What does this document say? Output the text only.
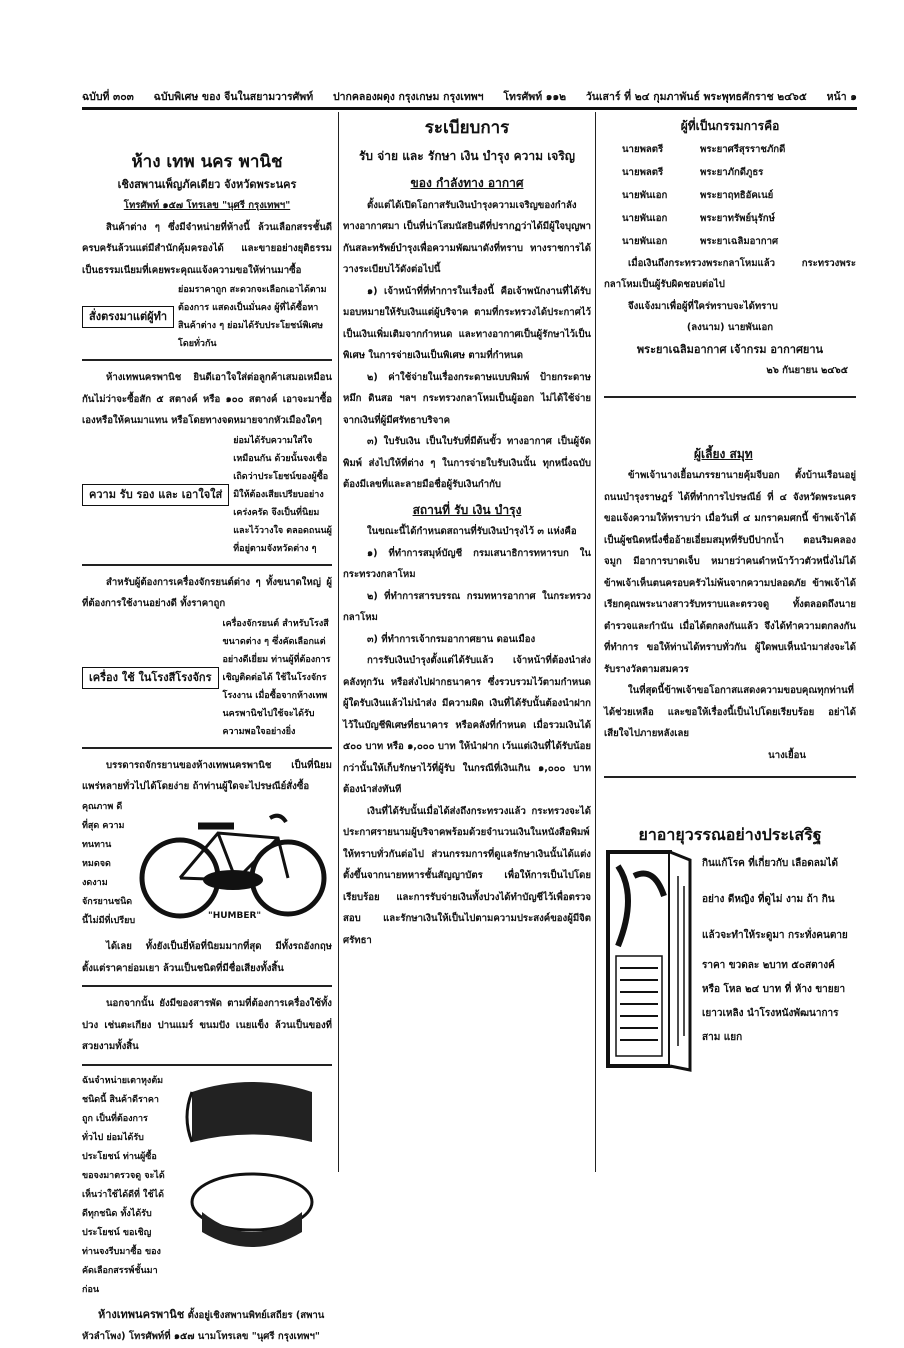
ฉบับที่ ๓๐๓ ฉบับพิเศษ ของ จีนในสยามวารศัพท์ ปากคลองผดุง กรุงเกษม กรุงเทพฯ โทรศัพท์ ๑๑๒ วันเสาร์ ที่ ๒๔ กุมภาพันธ์ พระพุทธศักราช ๒๔๖๕ หน้า ๑
ห้าง เทพ นคร พานิช
เชิงสพานเพ็ญภัคเดียว จังหวัดพระนคร
โทรศัพท์ ๑๕๗ โทรเลข "นุศรี กรุงเทพฯ"

สินค้าต่าง ๆ ซึ่งมีจำหน่ายที่ห้างนี้ ล้วนเลือกสรรชั้นดีครบครันล้วนแต่มีสำนักคุ้มครองได้ และขายอย่างยุติธรรมเป็นธรรมเนียมที่เคยพระคุณแจ้งความขอให้ท่านมาซื้อ

สั่งตรงมาแต่ผู้ทำ
ย่อมราคาถูก สะดวกจะเลือกเอาได้ตามต้องการ แสดงเป็นมั่นคง ผู้ที่ได้ซื้อหาสินค้าต่าง ๆ ย่อมได้รับประโยชน์พิเศษโดยทั่วกัน

ห้างเทพนครพานิช ยินดีเอาใจใส่ต่อลูกค้าเสมอเหมือนกันไม่ว่าจะซื้อสัก ๕ สตางค์ หรือ ๑๐๐ สตางค์ เอาจะมาซื้อเองหรือให้คนมาแทน หรือโดยทางจดหมายจากหัวเมืองใดๆ

ความ รับ รอง และ เอาใจใส่
ย่อมได้รับความใส่ใจ เหมือนกัน ด้วยนั้นจงเชื่อเถิดว่าประโยชน์ของผู้ซื้อมิให้ต้องเสียเปรียบอย่างเคร่งครัด จึงเป็นที่นิยมและไว้วางใจ ตลอดถนนผู้ที่อยู่ตามจังหวัดต่าง ๆ

สำหรับผู้ต้องการเครื่องจักรยนต์ต่าง ๆ ทั้งขนาดใหญ่ ผู้ที่ต้องการใช้งานอย่างดี ทั้งราคาถูก

เครื่อง ใช้ ในโรงสีโรงจักร
เครื่องจักรยนต์ สำหรับโรงสี ขนาดต่าง ๆ ซึ่งคัดเลือกแต่อย่างดีเยี่ยม ท่านผู้ที่ต้องการเชิญติดต่อได้ ใช้ในโรงจักร โรงงาน เมื่อซื้อจากห้างเทพนครพานิชไปใช้จะได้รับความพอใจอย่างยิ่ง

บรรดารถจักรยานของห้างเทพนครพานิช เป็นที่นิยมแพร่หลายทั่วไปได้โดยง่าย ถ้าท่านผู้ใดจะไปรษณีย์สั่งซื้อ

คุณภาพ ดีที่สุด ความทนทาน หมดจด งดงาม จักรยานชนิดนี้ไม่มีที่เปรียบ	"HUMBER"

ได้เลย ทั้งยังเป็นยี่ห้อที่นิยมมากที่สุด มีทั้งรถอังกฤษ ตั้งแต่ราคาย่อมเยา ล้วนเป็นชนิดที่มีชื่อเสียงทั้งสิ้น

นอกจากนั้น ยังมีของสารพัด ตามที่ต้องการเครื่องใช้ทั้งปวง เช่นตะเกียง ปานแมร์ ขนมปัง เนยแข็ง ล้วนเป็นของที่สวยงามทั้งสิ้น

ฉันจำหน่ายเตาหุงต้มชนิดนี้ สินค้าดีราคาถูก เป็นที่ต้องการทั่วไป ย่อมได้รับประโยชน์ ท่านผู้ซื้อ ขอจงมาตรวจดู จะได้เห็นว่าใช้ได้ดีที่ ใช้ได้ดีทุกชนิด ทั้งได้รับประโยชน์ ขอเชิญท่านจงรีบมาซื้อ ของคัดเลือกสรรพ์ชั้นมาก่อน
ห้างเทพนครพานิช ตั้งอยู่เชิงสพานพิทย์เสถียร (สพานหัวลำโพง) โทรศัพท์ที่ ๑๕๗ นามโทรเลข "นุศรี กรุงเทพฯ"
ระเบียบการ
รับ จ่าย และ รักษา เงิน บำรุง ความ เจริญ
ของ กำลังทาง อากาศ

ตั้งแต่ได้เปิดโอกาสรับเงินบำรุงความเจริญของกำลังทางอากาศมา เป็นที่น่าโสมนัสยินดีที่ปรากฏว่าได้มีผู้ใจบุญพากันสละทรัพย์บำรุงเพื่อความพัฒนาดังที่ทราบ ทางราชการได้วางระเบียบไว้ดังต่อไปนี้

๑) เจ้าหน้าที่ที่ทำการในเรื่องนี้ คือเจ้าพนักงานที่ได้รับมอบหมายให้รับเงินแต่ผู้บริจาค ตามที่กระทรวงได้ประกาศไว้ เป็นเงินเพิ่มเติมจากกำหนด และทางอากาศเป็นผู้รักษาไว้เป็นพิเศษ ในการจ่ายเงินเป็นพิเศษ ตามที่กำหนด

๒) ค่าใช้จ่ายในเรื่องกระดาษแบบพิมพ์ ป้ายกระดาษ หมึก ดินสอ ฯลฯ กระทรวงกลาโหมเป็นผู้ออก ไม่ได้ใช้จ่ายจากเงินที่ผู้มีศรัทธาบริจาค

๓) ใบรับเงิน เป็นใบรับที่มีต้นขั้ว ทางอากาศ เป็นผู้จัดพิมพ์ ส่งไปให้ที่ต่าง ๆ ในการจ่ายใบรับเงินนั้น ทุกหนึ่งฉบับต้องมีเลขที่และลายมือชื่อผู้รับเงินกำกับ

สถานที่ รับ เงิน บำรุง

ในขณะนี้ได้กำหนดสถานที่รับเงินบำรุงไว้ ๓ แห่งคือ

๑) ที่ทำการสมุห์บัญชี กรมเสนาธิการทหารบก ใน กระทรวงกลาโหม

๒) ที่ทำการสารบรรณ กรมทหารอากาศ ในกระทรวงกลาโหม

๓) ที่ทำการเจ้ากรมอากาศยาน ดอนเมือง

การรับเงินบำรุงตั้งแต่ได้รับแล้ว เจ้าหน้าที่ต้องนำส่งคลังทุกวัน หรือส่งไปฝากธนาคาร ซึ่งรวบรวมไว้ตามกำหนด ผู้ใดรับเงินแล้วไม่นำส่ง มีความผิด เงินที่ได้รับนั้นต้องนำฝากไว้ในบัญชีพิเศษที่ธนาคาร หรือคลังที่กำหนด เมื่อรวมเงินได้ ๕๐๐ บาท หรือ ๑,๐๐๐ บาท ให้นำฝาก เว้นแต่เงินที่ได้รับน้อยกว่านั้นให้เก็บรักษาไว้ที่ผู้รับ ในกรณีที่เงินเกิน ๑,๐๐๐ บาท ต้องนำส่งทันที

เงินที่ได้รับนั้นเมื่อได้ส่งถึงกระทรวงแล้ว กระทรวงจะได้ประกาศรายนามผู้บริจาคพร้อมด้วยจำนวนเงินในหนังสือพิมพ์ ให้ทราบทั่วกันต่อไป ส่วนกรรมการที่ดูแลรักษาเงินนั้นได้แต่งตั้งขึ้นจากนายทหารชั้นสัญญาบัตร เพื่อให้การเป็นไปโดยเรียบร้อย และการรับจ่ายเงินทั้งปวงได้ทำบัญชีไว้เพื่อตรวจสอบ และรักษาเงินให้เป็นไปตามความประสงค์ของผู้มีจิตศรัทธา

ผู้ที่เป็นกรรมการคือ
นายพลตรี	พระยาศรีสุรราชภักดี
นายพลตรี	พระยาภักดีภูธร
นายพันเอก	พระยาฤทธิอัคเนย์
นายพันเอก	พระยาทรัพย์นุรักษ์
นายพันเอก	พระยาเฉลิมอากาศ

เมื่อเงินถึงกระทรวงพระกลาโหมแล้ว กระทรวงพระกลาโหมเป็นผู้รับผิดชอบต่อไป

จึงแจ้งมาเพื่อผู้ที่ใคร่ทราบจะได้ทราบ

(ลงนาม) นายพันเอก
พระยาเฉลิมอากาศ เจ้ากรม อากาศยาน
๒๖ กันยายน ๒๔๖๕
ผู้เลี้ยง สมุท

ข้าพเจ้านางเยื้อนภรรยานายคุ้มจีบอก ตั้งบ้านเรือนอยู่ถนนบำรุงราษฎร์ ได้ที่ทำการไปรษณีย์ ที่ ๔ จังหวัดพระนคร ขอแจ้งความให้ทราบว่า เมื่อวันที่ ๔ มกราคมศกนี้ ข้าพเจ้าได้เป็นผู้ชนิดหนึ่งชื่ออ้ายเอี่ยมสมุทที่รับบีปากน้ำ ตอนริมคลองจมูก มีอาการบาดเจ็บ หมายว่าคนดำหน้าว้าวตัวหนึ่งไม่ได้ ข้าพเจ้าเห็นตนครอบครัวไม่พ้นจากความปลอดภัย ข้าพเจ้าได้เรียกคุณพระนางสาวรับทราบและตรวจดู ทั้งตลอดถึงนายตำรวจและกำนัน เมื่อได้ตกลงกันแล้ว จึงได้ทำความตกลงกันที่ทำการ ขอให้ท่านได้ทราบทั่วกัน ผู้ใดพบเห็นนำมาส่งจะได้รับรางวัลตามสมควร

ในที่สุดนี้ข้าพเจ้าขอโอกาสแสดงความขอบคุณทุกท่านที่ได้ช่วยเหลือ และขอให้เรื่องนี้เป็นไปโดยเรียบร้อย อย่าได้เสียใจไปภายหลังเลย

นางเยื้อน
ยาอายุวรรณอย่างประเสริฐ
กินแก้โรค ที่เกี่ยวกับ เลือดลมได้
อย่าง ดีหญิง ที่ดูไม่ งาม ถ้า กิน
แล้วจะทำให้ระดูมา กระทั่งคนตาย
ราคา ขวดละ ๒บาท ๕๐สตางค์
หรือ โหล ๒๔ บาท ที่ ห้าง ขายยา
เยาวเหลิง นำโรงหนังพัฒนาการ
สาม แยก
